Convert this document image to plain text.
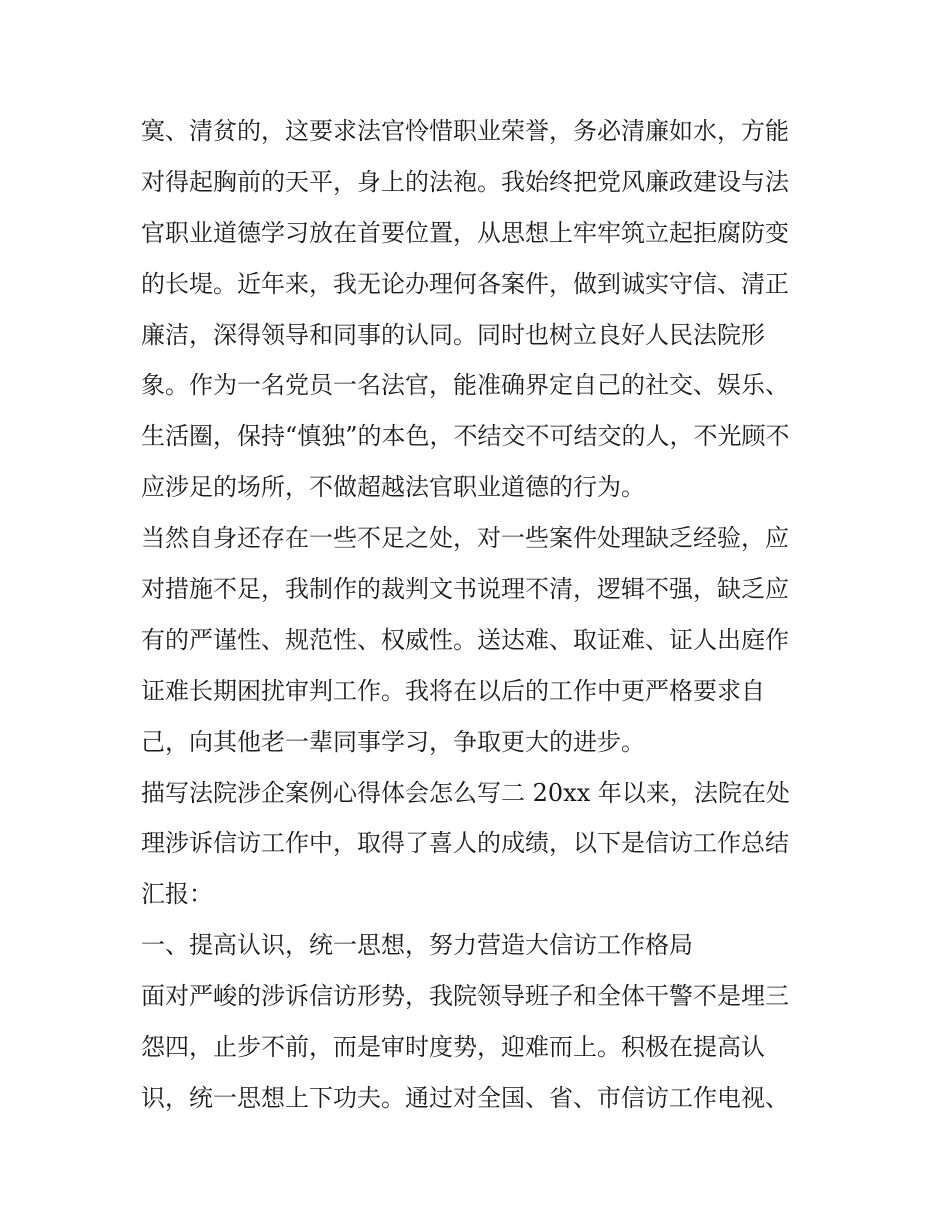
寞、清贫的，这要求法官怜惜职业荣誉，务必清廉如水，方能
对得起胸前的天平，身上的法袍。我始终把党风廉政建设与法
官职业道德学习放在首要位置，从思想上牢牢筑立起拒腐防变
的长堤。近年来，我无论办理何各案件，做到诚实守信、清正
廉洁，深得领导和同事的认同。同时也树立良好人民法院形
象。作为一名党员一名法官，能准确界定自己的社交、娱乐、
生活圈，保持“慎独”的本色，不结交不可结交的人，不光顾不
应涉足的场所，不做超越法官职业道德的行为。
当然自身还存在一些不足之处，对一些案件处理缺乏经验，应
对措施不足，我制作的裁判文书说理不清，逻辑不强，缺乏应
有的严谨性、规范性、权威性。送达难、取证难、证人出庭作
证难长期困扰审判工作。我将在以后的工作中更严格要求自
己，向其他老一辈同事学习，争取更大的进步。
描写法院涉企案例心得体会怎么写二 20xx 年以来，法院在处
理涉诉信访工作中，取得了喜人的成绩，以下是信访工作总结
汇报：
一、提高认识，统一思想，努力营造大信访工作格局
面对严峻的涉诉信访形势，我院领导班子和全体干警不是埋三
怨四，止步不前，而是审时度势，迎难而上。积极在提高认
识，统一思想上下功夫。通过对全国、省、市信访工作电视、
